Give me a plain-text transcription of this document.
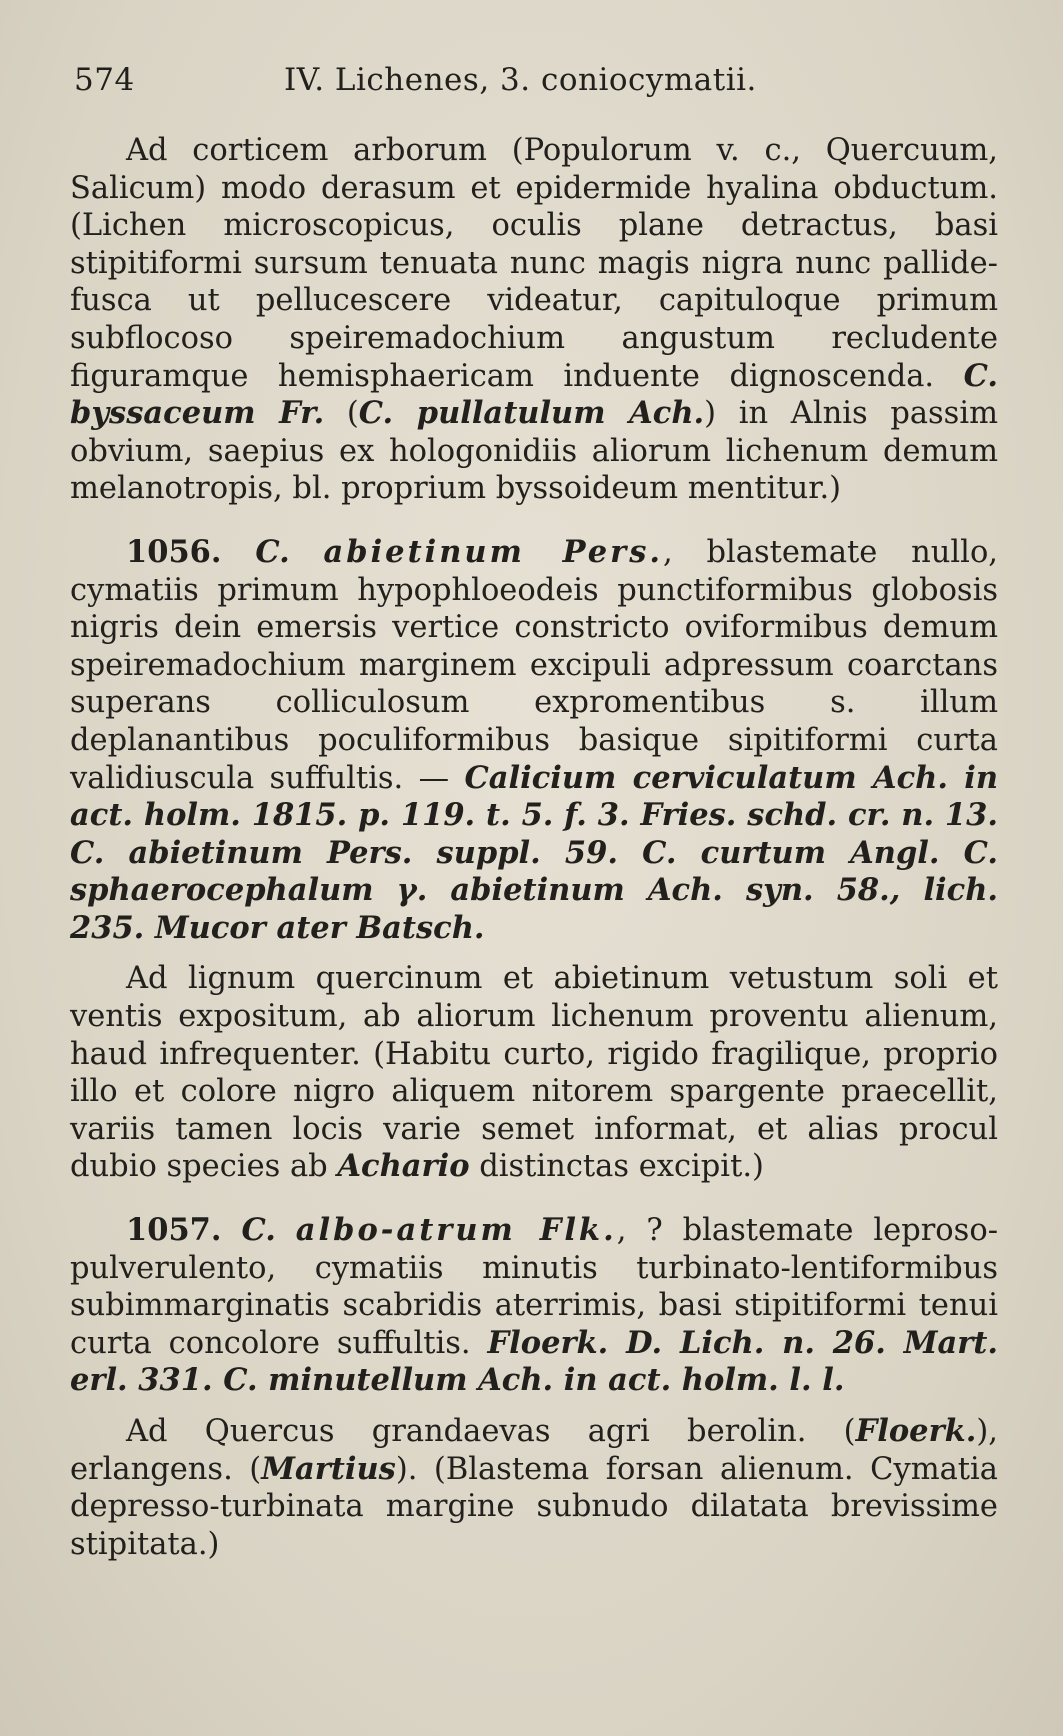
574	IV. Lichenes, 3. coniocymatii.

Ad corticem arborum (Populorum v. c., Quercuum, Salicum) modo derasum et epidermide hyalina obductum. (Lichen microscopicus, oculis plane detractus, basi stipitiformi sursum tenuata nunc magis nigra nunc pallide-fusca ut pellucescere videatur, capituloque primum subflocoso speiremadochium angustum recludente figuramque hemisphaericam induente dignoscenda. C. byssaceum Fr. (C. pullatulum Ach.) in Alnis passim obvium, saepius ex hologonidiis aliorum lichenum demum melanotropis, bl. proprium byssoideum mentitur.)

1056. C. abietinum Pers., blastemate nullo, cymatiis primum hypophloeodeis punctiformibus globosis nigris dein emersis vertice constricto oviformibus demum speiremadochium marginem excipuli adpressum coarctans superans colliculosum expromentibus s. illum deplanantibus poculiformibus basique sipitiformi curta validiuscula suffultis. — Calicium cerviculatum Ach. in act. holm. 1815. p. 119. t. 5. f. 3. Fries. schd. cr. n. 13. C. abietinum Pers. suppl. 59. C. curtum Angl. C. sphaerocephalum γ. abietinum Ach. syn. 58., lich. 235. Mucor ater Batsch.

Ad lignum quercinum et abietinum vetustum soli et ventis expositum, ab aliorum lichenum proventu alienum, haud infrequenter. (Habitu curto, rigido fragilique, proprio illo et colore nigro aliquem nitorem spargente praecellit, variis tamen locis varie semet informat, et alias procul dubio species ab Achario distinctas excipit.)

1057. C. albo-atrum Flk., ? blastemate leproso-pulverulento, cymatiis minutis turbinato-lentiformibus subimmarginatis scabridis aterrimis, basi stipitiformi tenui curta concolore suffultis. Floerk. D. Lich. n. 26. Mart. erl. 331. C. minutellum Ach. in act. holm. l. l.

Ad Quercus grandaevas agri berolin. (Floerk.), erlangens. (Martius). (Blastema forsan alienum. Cymatia depresso-turbinata margine subnudo dilatata brevissime stipitata.)
